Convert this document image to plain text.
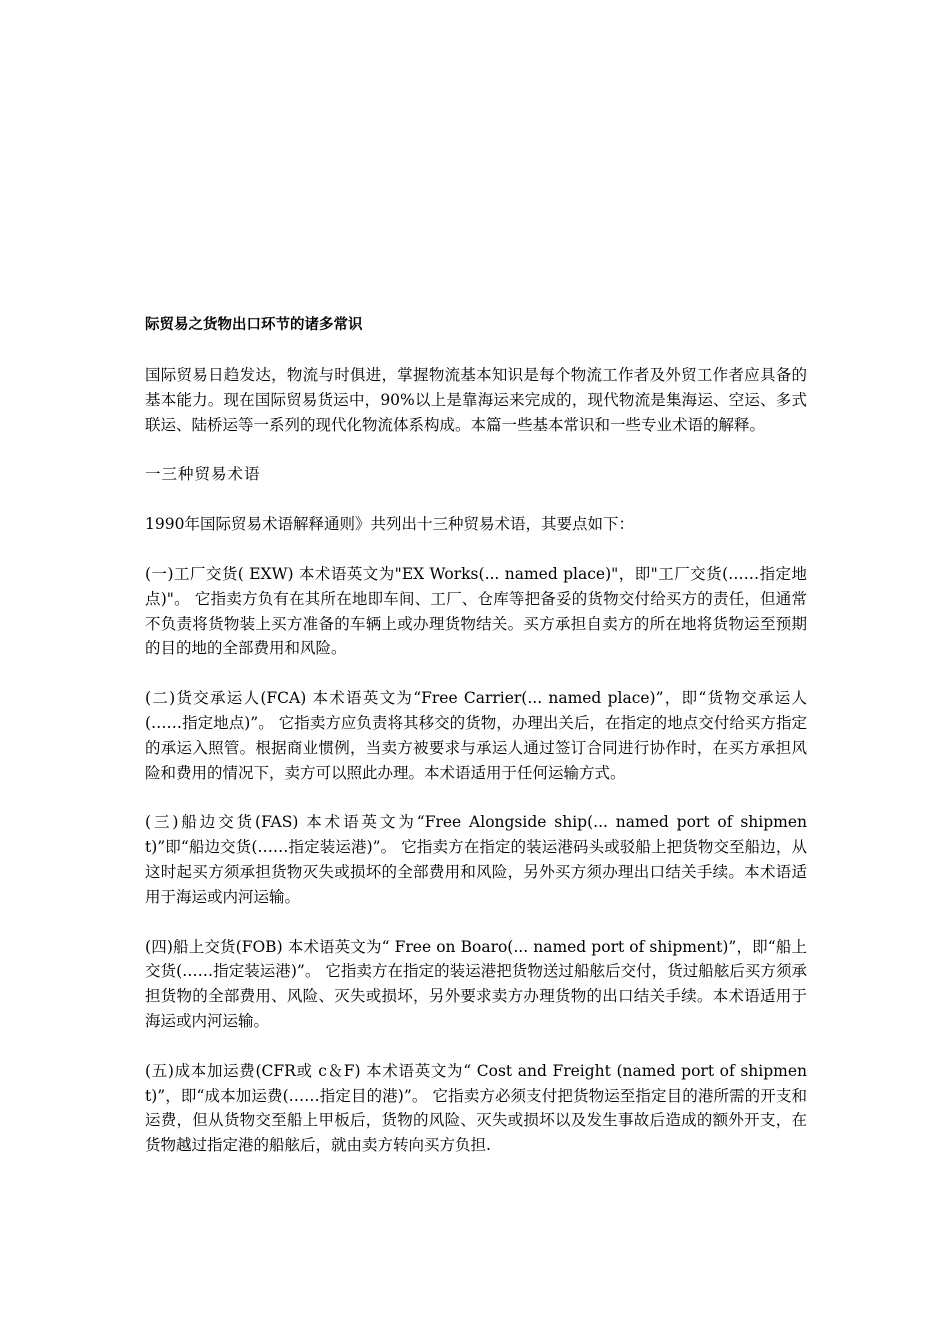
际贸易之货物出口环节的诸多常识
国际贸易日趋发达，物流与时俱进，掌握物流基本知识是每个物流工作者及外贸工作者应具备的基本能力。现在国际贸易货运中，90%以上是靠海运来完成的，现代物流是集海运、空运、多式联运、陆桥运等一系列的现代化物流体系构成。本篇一些基本常识和一些专业术语的解释。
一三种贸易术语
1990年国际贸易术语解释通则》共列出十三种贸易术语，其要点如下：
(一)工厂交货( EXW) 本术语英文为"EX Works(... named place)"，即"工厂交货(……指定地点)"。 它指卖方负有在其所在地即车间、工厂、仓库等把备妥的货物交付给买方的责任，但通常不负责将货物装上买方准备的车辆上或办理货物结关。买方承担自卖方的所在地将货物运至预期的目的地的全部费用和风险。
(二)货交承运人(FCA) 本术语英文为“Free Carrier(... named place)”，即“货物交承运人(……指定地点)”。 它指卖方应负责将其移交的货物，办理出关后，在指定的地点交付给买方指定的承运入照管。根据商业惯例，当卖方被要求与承运人通过签订合同进行协作时，在买方承担风险和费用的情况下，卖方可以照此办理。本术语适用于任何运输方式。
(三)船边交货(FAS) 本术语英文为“Free Alongside ship(... named port of shipment)”即“船边交货(……指定装运港)”。 它指卖方在指定的装运港码头或驳船上把货物交至船边，从这时起买方须承担货物灭失或损坏的全部费用和风险，另外买方须办理出口结关手续。本术语适用于海运或内河运输。
(四)船上交货(FOB) 本术语英文为“ Free on Boaro(... named port of shipment)”，即“船上交货(……指定装运港)”。 它指卖方在指定的装运港把货物送过船舷后交付，货过船舷后买方须承担货物的全部费用、风险、灭失或损坏，另外要求卖方办理货物的出口结关手续。本术语适用于海运或内河运输。
(五)成本加运费(CFR或 c＆F) 本术语英文为“ Cost and Freight (named port of shipment)”，即“成本加运费(……指定目的港)”。 它指卖方必须支付把货物运至指定目的港所需的开支和运费，但从货物交至船上甲板后，货物的风险、灭失或损坏以及发生事故后造成的额外开支，在货物越过指定港的船舷后，就由卖方转向买方负担.
